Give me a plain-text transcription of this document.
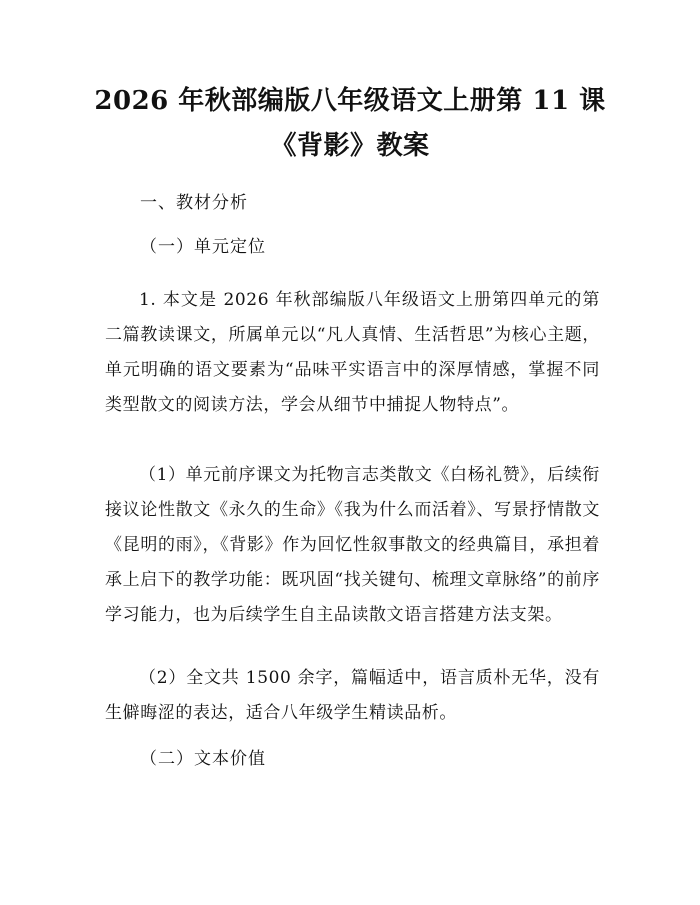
2026 年秋部编版八年级语文上册第 11 课
《背影》教案
一、教材分析
（一）单元定位
1. 本文是 2026 年秋部编版八年级语文上册第四单元的第二篇教读课文，所属单元以“凡人真情、生活哲思”为核心主题，单元明确的语文要素为“品味平实语言中的深厚情感，掌握不同类型散文的阅读方法，学会从细节中捕捉人物特点”。
（1）单元前序课文为托物言志类散文《白杨礼赞》，后续衔接议论性散文《永久的生命》《我为什么而活着》、写景抒情散文《昆明的雨》，《背影》作为回忆性叙事散文的经典篇目，承担着承上启下的教学功能：既巩固“找关键句、梳理文章脉络”的前序学习能力，也为后续学生自主品读散文语言搭建方法支架。
（2）全文共 1500 余字，篇幅适中，语言质朴无华，没有生僻晦涩的表达，适合八年级学生精读品析。
（二）文本价值
